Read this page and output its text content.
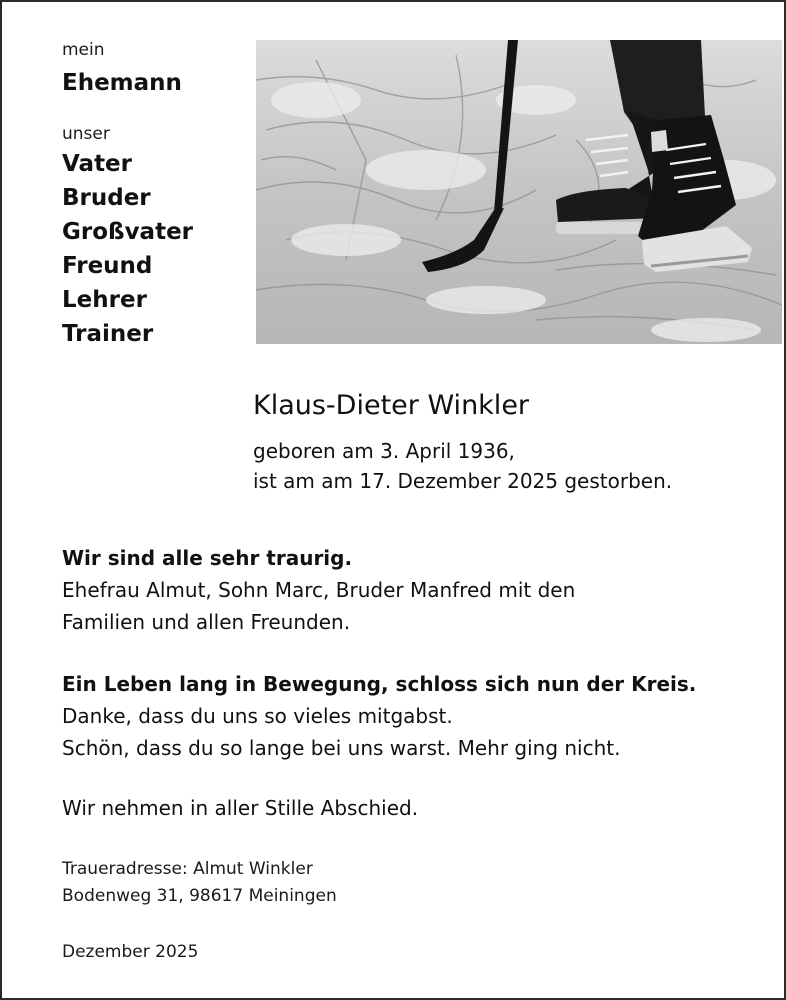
mein
Ehemann
unser
Vater
Bruder
Großvater
Freund
Lehrer
Trainer
Klaus-Dieter Winkler
geboren am 3. April 1936,
ist am am 17. Dezember 2025 gestorben.
Wir sind alle sehr traurig.
Ehefrau Almut, Sohn Marc, Bruder Manfred mit den
Familien und allen Freunden.
Ein Leben lang in Bewegung, schloss sich nun der Kreis.
Danke, dass du uns so vieles mitgabst.
Schön, dass du so lange bei uns warst. Mehr ging nicht.
Wir nehmen in aller Stille Abschied.
Traueradresse: Almut Winkler
Bodenweg 31, 98617 Meiningen
Dezember 2025
